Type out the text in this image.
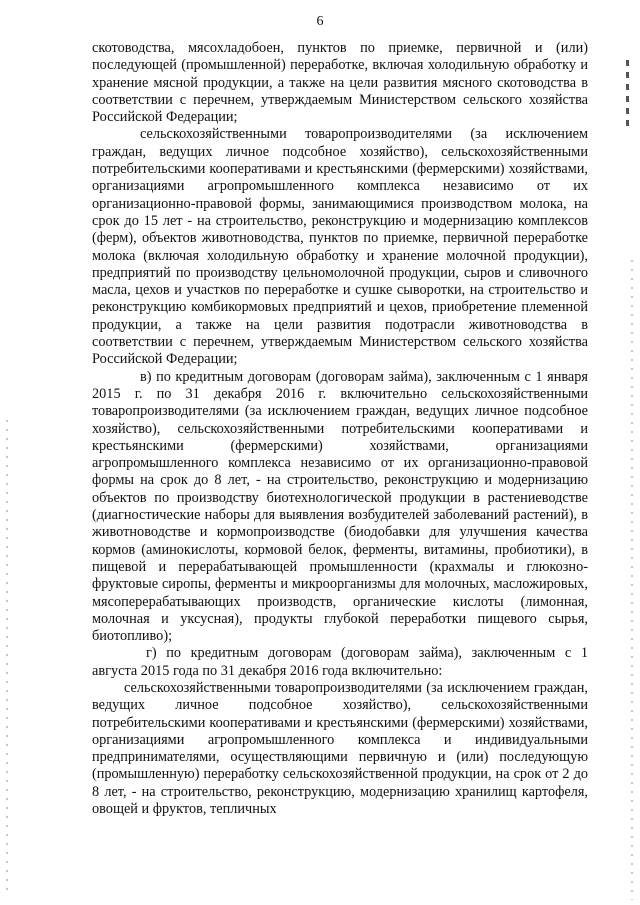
6

скотоводства, мясохладобоен, пунктов по приемке, первичной и (или) последующей (промышленной) переработке, включая холодильную обработку и хранение мясной продукции, а также на цели развития мясного скотоводства в соответствии с перечнем, утверждаемым Министерством сельского хозяйства Российской Федерации;

сельскохозяйственными товаропроизводителями (за исключением граждан, ведущих личное подсобное хозяйство), сельскохозяйственными потребительскими кооперативами и крестьянскими (фермерскими) хозяйствами, организациями агропромышленного комплекса независимо от их организационно-правовой формы, занимающимися производством молока, на срок до 15 лет - на строительство, реконструкцию и модернизацию комплексов (ферм), объектов животноводства, пунктов по приемке, первичной переработке молока (включая холодильную обработку и хранение молочной продукции), предприятий по производству цельномолочной продукции, сыров и сливочного масла, цехов и участков по переработке и сушке сыворотки, на строительство и реконструкцию комбикормовых предприятий и цехов, приобретение племенной продукции, а также на цели развития подотрасли животноводства в соответствии с перечнем, утверждаемым Министерством сельского хозяйства Российской Федерации;

в) по кредитным договорам (договорам займа), заключенным с 1 января 2015 г. по 31 декабря 2016 г. включительно сельскохозяйственными товаропроизводителями (за исключением граждан, ведущих личное подсобное хозяйство), сельскохозяйственными потребительскими кооперативами и крестьянскими (фермерскими) хозяйствами, организациями агропромышленного комплекса независимо от их организационно-правовой формы на срок до 8 лет, - на строительство, реконструкцию и модернизацию объектов по производству биотехнологической продукции в растениеводстве (диагностические наборы для выявления возбудителей заболеваний растений), в животноводстве и кормопроизводстве (биодобавки для улучшения качества кормов (аминокислоты, кормовой белок, ферменты, витамины, пробиотики), в пищевой и перерабатывающей промышленности (крахмалы и глюкозно-фруктовые сиропы, ферменты и микроорганизмы для молочных, масложировых, мясоперерабатывающих производств, органические кислоты (лимонная, молочная и уксусная), продукты глубокой переработки пищевого сырья, биотопливо);

г) по кредитным договорам (договорам займа), заключенным с 1 августа 2015 года по 31 декабря 2016 года включительно:

сельскохозяйственными товаропроизводителями (за исключением граждан, ведущих личное подсобное хозяйство), сельскохозяйственными потребительскими кооперативами и крестьянскими (фермерскими) хозяйствами, организациями агропромышленного комплекса и индивидуальными предпринимателями, осуществляющими первичную и (или) последующую (промышленную) переработку сельскохозяйственной продукции, на срок от 2 до 8 лет, - на строительство, реконструкцию, модернизацию хранилищ картофеля, овощей и фруктов, тепличных
